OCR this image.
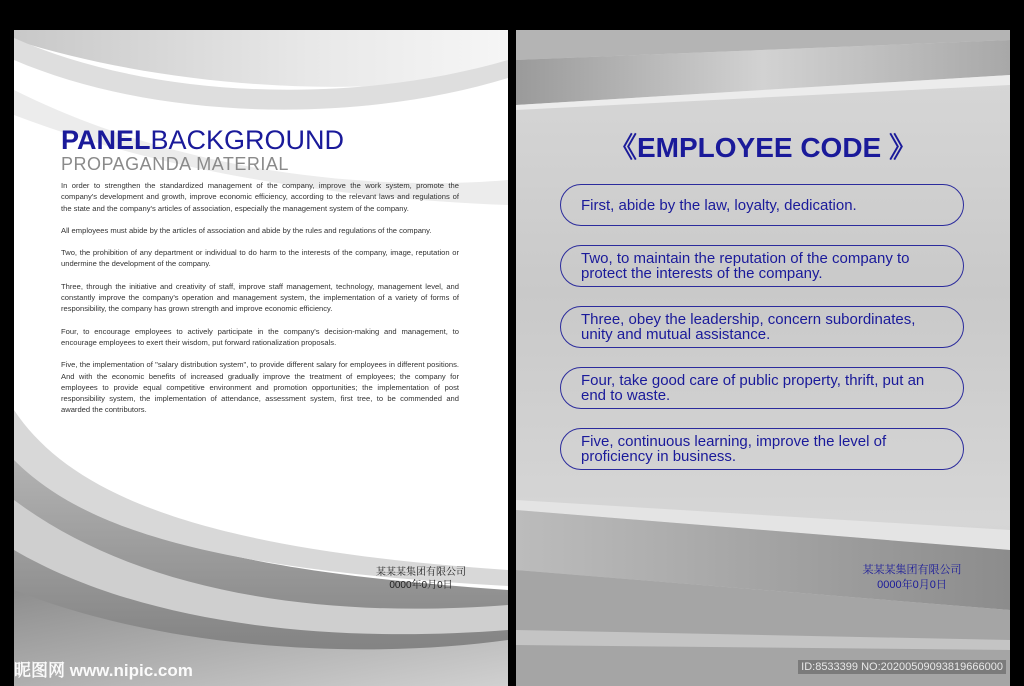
PANELBACKGROUND
PROPAGANDA MATERIAL

In order to strengthen the standardized management of the company, improve the work system, promote the company's development and growth, improve economic efficiency, according to the relevant laws and regulations of the state and the company's articles of association, especially the management system of the company.

All employees must abide by the articles of association and abide by the rules and regulations of the company.

Two, the prohibition of any department or individual to do harm to the interests of the company, image, reputation or undermine the development of the company.

Three, through the initiative and creativity of staff, improve staff management, technology, management level, and constantly improve the company's operation and management system, the implementation of a variety of forms of responsibility, the company has grown strength and improve economic efficiency.

Four, to encourage employees to actively participate in the company's decision-making and management, to encourage employees to exert their wisdom, put forward rationalization proposals.

Five, the implementation of "salary distribution system", to provide different salary for employees in different positions. And with the economic benefits of increased gradually improve the treatment of employees; the company for employees to provide equal competitive environment and promotion opportunities; the implementation of post responsibility system, the implementation of attendance, assessment system, first tree, to be commended and awarded the contributors.

某某某集团有限公司
0000年0月0日
《EMPLOYEE CODE 》
First, abide by the law, loyalty, dedication.
Two, to maintain the reputation of the company to protect the interests of the company.
Three, obey the leadership, concern subordinates, unity and mutual assistance.
Four, take good care of public property, thrift, put an end to waste.
Five, continuous learning, improve the level of proficiency in business.
某某某集团有限公司
0000年0月0日
昵图网 www.nipic.com	ID:8533399 NO:20200509093819666000
